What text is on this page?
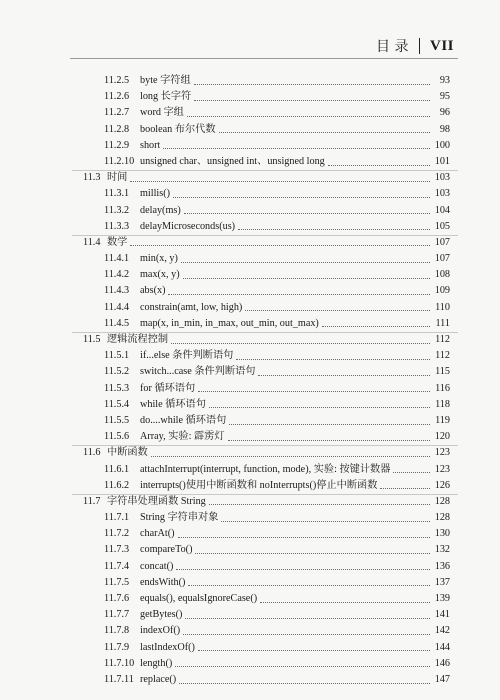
目 录 VII
11.2.5	byte 字符组	93
11.2.6	long 长字符	95
11.2.7	word 字组	96
11.2.8	boolean 布尔代数	98
11.2.9	short	100
11.2.10 unsigned char、unsigned int、unsigned long	101
11.3 时间	103
11.3.1	millis()	103
11.3.2	delay(ms)	104
11.3.3	delayMicroseconds(us)	105
11.4 数学	107
11.4.1	min(x, y)	107
11.4.2	max(x, y)	108
11.4.3	abs(x)	109
11.4.4	constrain(amt, low, high)	110
11.4.5	map(x, in_min, in_max, out_min, out_max)	111
11.5 逻辑流程控制	112
11.5.1	if...else 条件判断语句	112
11.5.2	switch...case 条件判断语句	115
11.5.3	for 循环语句	116
11.5.4	while 循环语句	118
11.5.5	do....while 循环语句	119
11.5.6	Array, 实验: 霹雳灯	120
11.6 中断函数	123
11.6.1	attachInterrupt(interrupt, function, mode), 实验: 按键计数器	123
11.6.2	interrupts()使用中断函数和 noInterrupts()停止中断函数	126
11.7 字符串处理函数 String	128
11.7.1	String 字符串对象	128
11.7.2	charAt()	130
11.7.3	compareTo()	132
11.7.4	concat()	136
11.7.5	endsWith()	137
11.7.6	equals(), equalsIgnoreCase()	139
11.7.7	getBytes()	141
11.7.8	indexOf()	142
11.7.9	lastIndexOf()	144
11.7.10 length()	146
11.7.11 replace()	147
